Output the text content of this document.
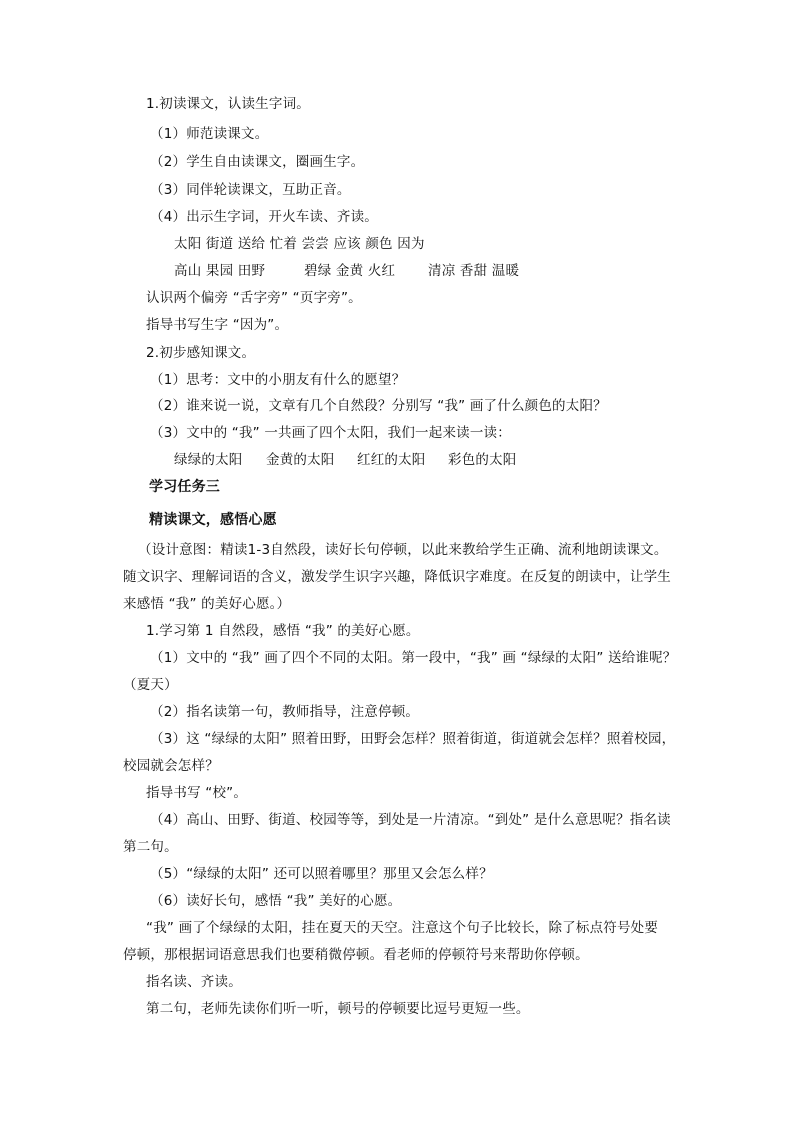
1.初读课文，认读生字词。
（1）师范读课文。
（2）学生自由读课文，圈画生字。
（3）同伴轮读课文，互助正音。
（4）出示生字词，开火车读、齐读。
太阳 街道 送给 忙着 尝尝 应该 颜色 因为
高山 果园 田野	碧绿 金黄 火红 清凉 香甜 温暖
认识两个偏旁 “舌字旁” “页字旁”。
指导书写生字 “因为”。
2.初步感知课文。
（1）思考：文中的小朋友有什么的愿望？
（2）谁来说一说，文章有几个自然段？分别写 “我” 画了什么颜色的太阳？
（3）文中的 “我” 一共画了四个太阳，我们一起来读一读：
绿绿的太阳 金黄的太阳 红红的太阳 彩色的太阳
学习任务三
精读课文，感悟心愿
（设计意图：精读1-3自然段，读好长句停顿，以此来教给学生正确、流利地朗读课文。
随文识字、理解词语的含义，激发学生识字兴趣，降低识字难度。在反复的朗读中，让学生
来感悟 “我” 的美好心愿。）
1.学习第 1 自然段，感悟 “我” 的美好心愿。
（1）文中的 “我” 画了四个不同的太阳。第一段中，“我” 画 “绿绿的太阳” 送给谁呢？
（夏天）
（2）指名读第一句，教师指导，注意停顿。
（3）这 “绿绿的太阳” 照着田野，田野会怎样？照着街道，街道就会怎样？照着校园，
校园就会怎样？
指导书写 “校”。
（4）高山、田野、街道、校园等等，到处是一片清凉。“到处” 是什么意思呢？指名读
第二句。
（5）“绿绿的太阳” 还可以照着哪里？那里又会怎么样？
（6）读好长句，感悟 “我” 美好的心愿。
“我” 画了个绿绿的太阳，挂在夏天的天空。注意这个句子比较长，除了标点符号处要
停顿，那根据词语意思我们也要稍微停顿。看老师的停顿符号来帮助你停顿。
指名读、齐读。
第二句，老师先读你们听一听，顿号的停顿要比逗号更短一些。
